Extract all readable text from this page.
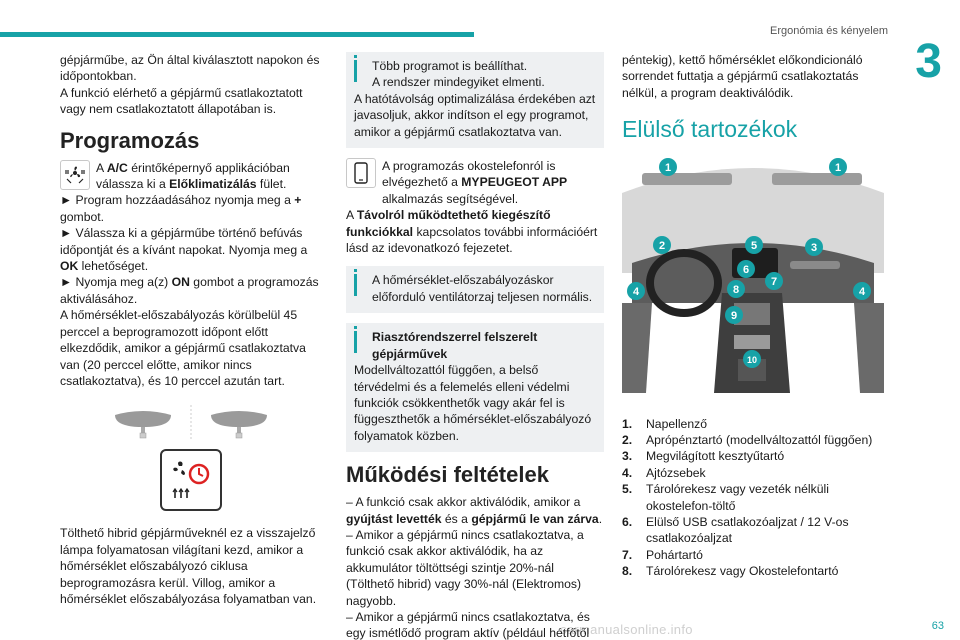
Ergonómia és kényelem
3
63
carmanualsonline.info

gépjárműbe, az Ön által kiválasztott napokon és időpontokban.

A funkció elérhető a gépjármű csatlakoztatott vagy nem csatlakoztatott állapotában is.

Programozás

A A/C érintőképernyő applikációban válassza ki a Előklimatizálás fület.

► Program hozzáadásához nyomja meg a + gombot.

► Válassza ki a gépjárműbe történő befúvás időpontját és a kívánt napokat. Nyomja meg a OK lehetőséget.

► Nyomja meg a(z) ON gombot a programozás aktiválásához.

A hőmérséklet-előszabályozás körülbelül 45 perccel a beprogramozott időpont előtt elkezdődik, amikor a gépjármű csatlakoztatva van (20 perccel előtte, amikor nincs csatlakoztatva), és 10 perccel azután tart.

Tölthető hibrid gépjárműveknél ez a visszajelző lámpa folyamatosan világítani kezd, amikor a hőmérséklet előszabályozó ciklusa beprogramozásra kerül. Villog, amikor a hőmérséklet előszabályozása folyamatban van.

Több programot is beállíthat.

A rendszer mindegyiket elmenti.

A hatótávolság optimalizálása érdekében azt javasoljuk, akkor indítson el egy programot, amikor a gépjármű csatlakoztatva van.

A programozás okostelefonról is elvégezhető a MYPEUGEOT APP alkalmazás segítségével.

A Távolról működtethető kiegészítő funkciókkal kapcsolatos további információért lásd az idevonatkozó fejezetet.

A hőmérséklet-előszabályozáskor előforduló ventilátorzaj teljesen normális.

Riasztórendszerrel felszerelt gépjárművek

Modellváltozattól függően, a belső térvédelmi és a felemelés elleni védelmi funkciók csökkenthetők vagy akár fel is függeszthetők a hőmérséklet-előszabályozó folyamatok közben.

Működési feltételek

– A funkció csak akkor aktiválódik, amikor a gyújtást levették és a gépjármű le van zárva.

– Amikor a gépjármű nincs csatlakoztatva, a funkció csak akkor aktiválódik, ha az akkumulátor töltöttségi szintje 20%-nál (Tölthető hibrid) vagy 30%-nál (Elektromos) nagyobb.

– Amikor a gépjármű nincs csatlakoztatva, és egy ismétlődő program aktív (például hétfőtől

péntekig), kettő hőmérséklet előkondicionáló sorrendet futtatja a gépjármű csatlakoztatás nélkül, a program deaktiválódik.

Elülső tartozékok
1	1
2	5	3
6
7
8
4	4
9
10
1.	Napellenző
2.	Aprópénztartó (modellváltozattól függően)
3.	Megvilágított kesztyűtartó
4.	Ajtózsebek
5.	Tárolórekesz vagy vezeték nélküli okostelefon-töltő
6.	Elülső USB csatlakozóaljzat / 12 V-os csatlakozóaljzat
7.	Pohártartó
8.	Tárolórekesz vagy Okostelefontartó
